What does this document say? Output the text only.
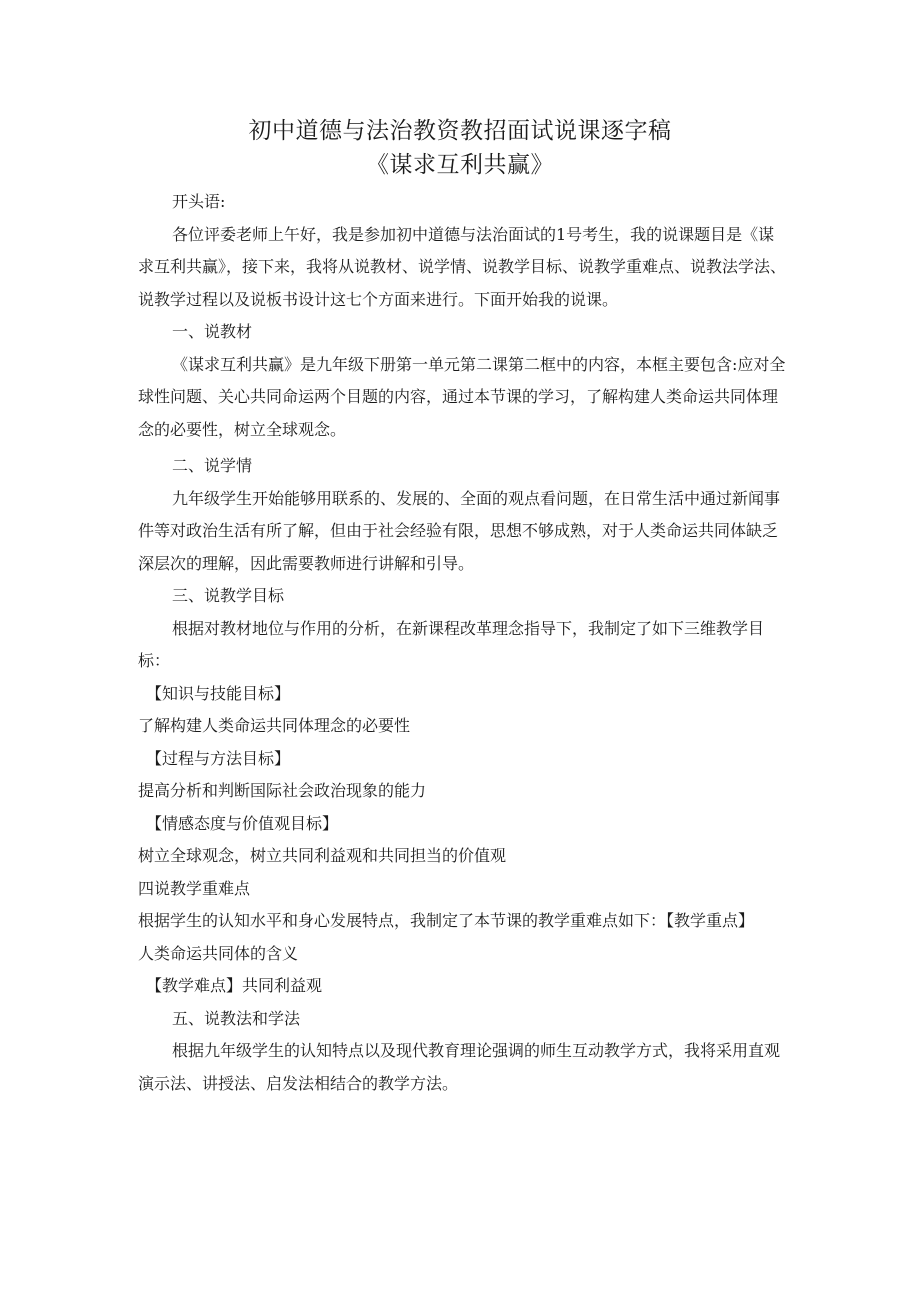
初中道德与法治教资教招面试说课逐字稿
《谋求互利共赢》

开头语:

各位评委老师上午好，我是参加初中道德与法治面试的1号考生，我的说课题目是《谋求互利共赢》，接下来，我将从说教材、说学情、说教学目标、说教学重难点、说教法学法、说教学过程以及说板书设计这七个方面来进行。下面开始我的说课。

一、说教材

《谋求互利共赢》是九年级下册第一单元第二课第二框中的内容，本框主要包含:应对全球性问题、关心共同命运两个目题的内容，通过本节课的学习，了解构建人类命运共同体理念的必要性，树立全球观念。

二、说学情

九年级学生开始能够用联系的、发展的、全面的观点看问题，在日常生活中通过新闻事件等对政治生活有所了解，但由于社会经验有限，思想不够成熟，对于人类命运共同体缺乏深层次的理解，因此需要教师进行讲解和引导。

三、说教学目标

根据对教材地位与作用的分析，在新课程改革理念指导下，我制定了如下三维教学目标：

【知识与技能目标】

了解构建人类命运共同体理念的必要性

【过程与方法目标】

提高分析和判断国际社会政治现象的能力

【情感态度与价值观目标】

树立全球观念，树立共同利益观和共同担当的价值观

四说教学重难点

根据学生的认知水平和身心发展特点，我制定了本节课的教学重难点如下：【教学重点】

人类命运共同体的含义

【教学难点】共同利益观

五、说教法和学法

根据九年级学生的认知特点以及现代教育理论强调的师生互动教学方式，我将采用直观演示法、讲授法、启发法相结合的教学方法。
